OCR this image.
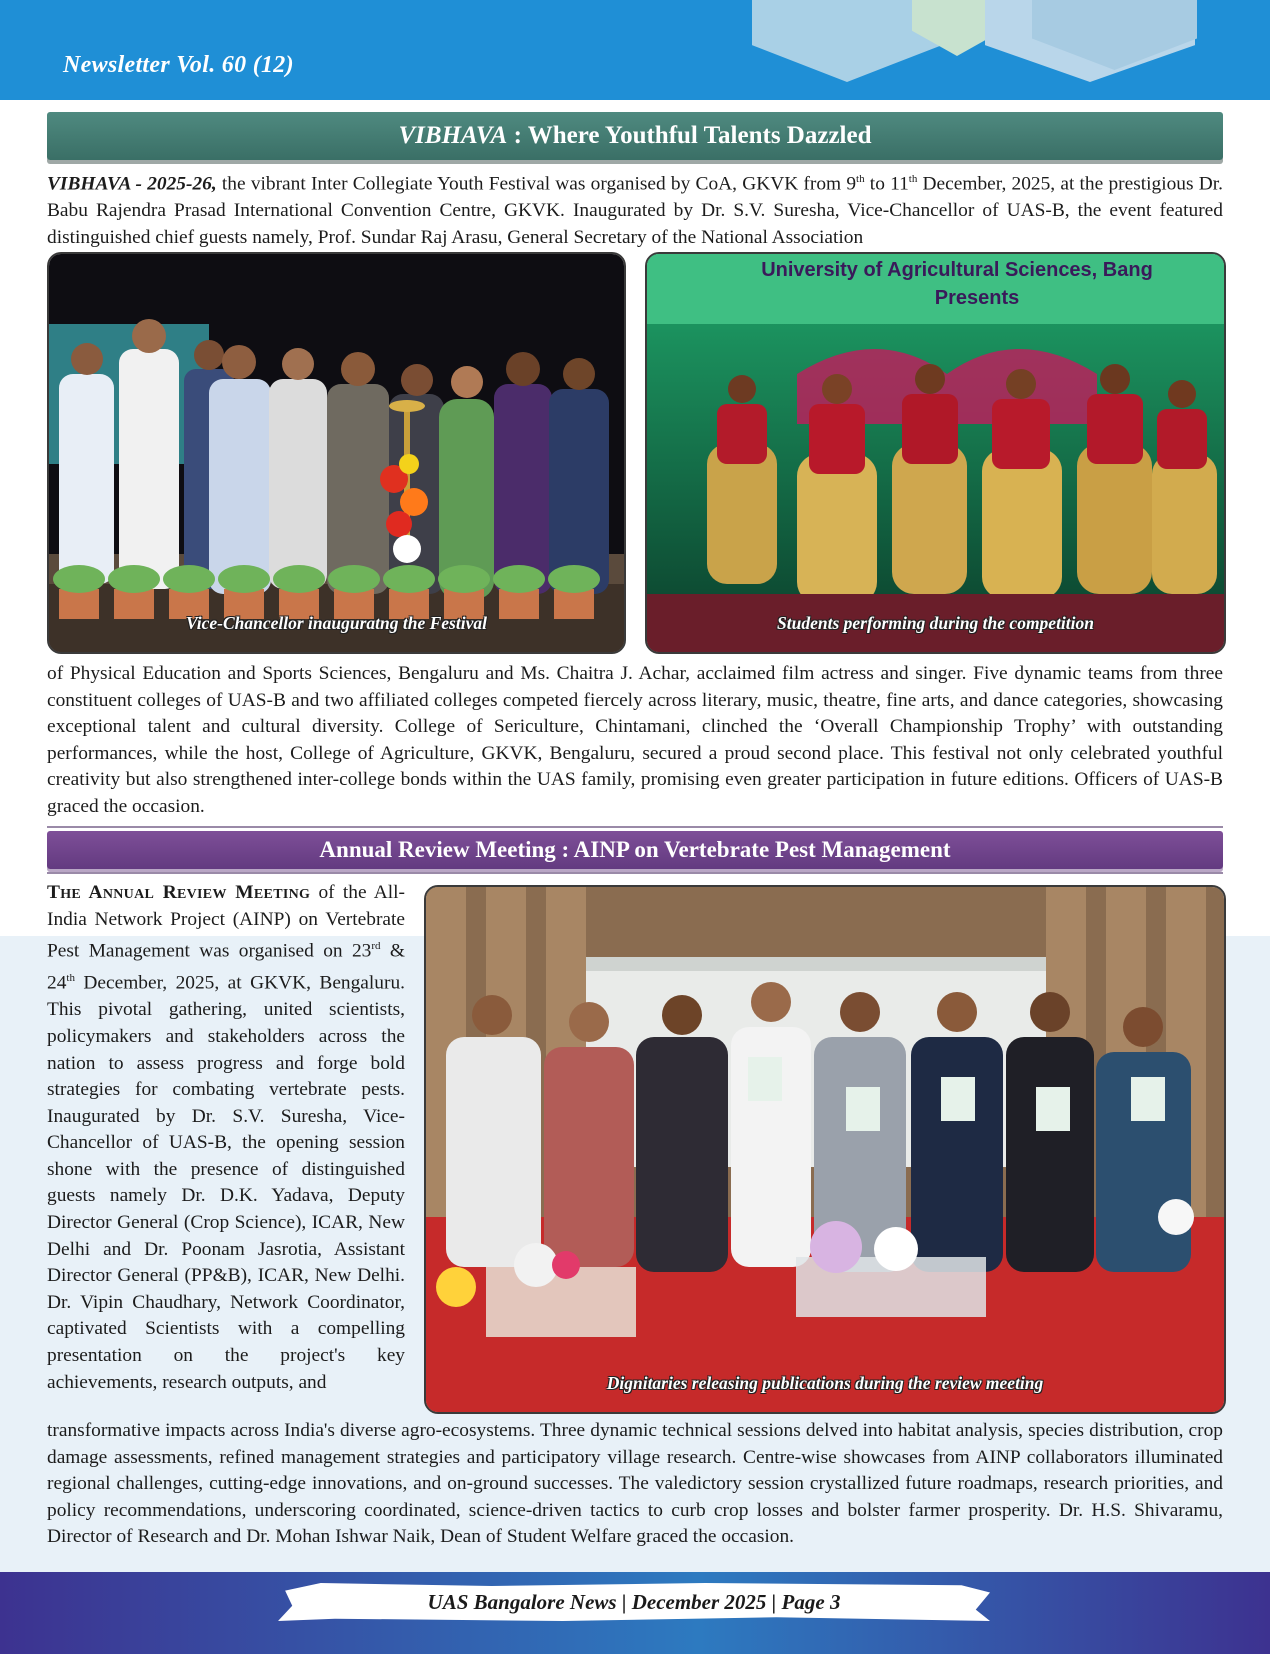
Newsletter Vol. 60 (12)
VIBHAVA : Where Youthful Talents Dazzled
VIBHAVA - 2025-26, the vibrant Inter Collegiate Youth Festival was organised by CoA, GKVK from 9th to 11th December, 2025, at the prestigious Dr. Babu Rajendra Prasad International Convention Centre, GKVK. Inaugurated by Dr. S.V. Suresha, Vice-Chancellor of UAS-B, the event featured distinguished chief guests namely, Prof. Sundar Raj Arasu, General Secretary of the National Association
Vice-Chancellor inauguratng the Festival
University of Agricultural Sciences, Bang
Presents
Students performing during the competition
of Physical Education and Sports Sciences, Bengaluru and Ms. Chaitra J. Achar, acclaimed film actress and singer. Five dynamic teams from three constituent colleges of UAS-B and two affiliated colleges competed fiercely across literary, music, theatre, fine arts, and dance categories, showcasing exceptional talent and cultural diversity. College of Sericulture, Chintamani, clinched the ‘Overall Championship Trophy’ with outstanding performances, while the host, College of Agriculture, GKVK, Bengaluru, secured a proud second place. This festival not only celebrated youthful creativity but also strengthened inter-college bonds within the UAS family, promising even greater participation in future editions. Officers of UAS-B graced the occasion.
Annual Review Meeting : AINP on Vertebrate Pest Management
The Annual Review Meeting of the All-India Network Project (AINP) on Vertebrate Pest Management was organised on 23rd & 24th December, 2025, at GKVK, Bengaluru. This pivotal gathering, united scientists, policymakers and stakeholders across the nation to assess progress and forge bold strategies for combating vertebrate pests. Inaugurated by Dr. S.V. Suresha, Vice-Chancellor of UAS-B, the opening session shone with the presence of distinguished guests namely Dr. D.K. Yadava, Deputy Director General (Crop Science), ICAR, New Delhi and Dr. Poonam Jasrotia, Assistant Director General (PP&B), ICAR, New Delhi. Dr. Vipin Chaudhary, Network Coordinator, captivated Scientists with a compelling presentation on the project's key achievements, research outputs, and	Dignitaries releasing publications during the review meeting
transformative impacts across India's diverse agro-ecosystems. Three dynamic technical sessions delved into habitat analysis, species distribution, crop damage assessments, refined management strategies and participatory village research. Centre-wise showcases from AINP collaborators illuminated regional challenges, cutting-edge innovations, and on-ground successes. The valedictory session crystallized future roadmaps, research priorities, and policy recommendations, underscoring coordinated, science-driven tactics to curb crop losses and bolster farmer prosperity. Dr. H.S. Shivaramu, Director of Research and Dr. Mohan Ishwar Naik, Dean of Student Welfare graced the occasion.
UAS Bangalore News | December 2025 | Page 3
